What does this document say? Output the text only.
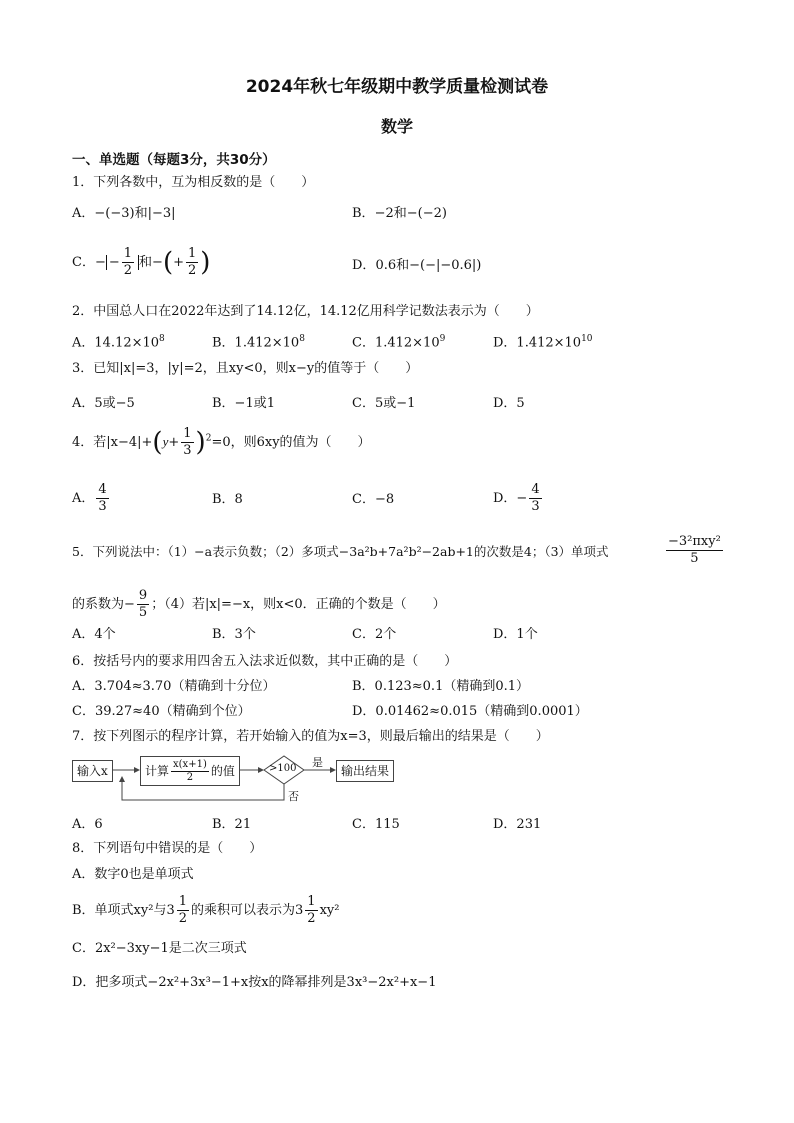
2024年秋七年级期中教学质量检测试卷
数学
一、单选题（每题3分，共30分）
1．下列各数中，互为相反数的是（　　）
A．−(−3)和|−3|	B．−2和−(−2)
C．− − $\frac{1}{2}$ 和−(+ $\frac{1}{2}$ )	D．0.6和−(−|−0.6|)
2．中国总人口在2022年达到了14.12亿，14.12亿用科学记数法表示为（　　）
A．$14.12\times 10^8$	B．$1.412\times 10^8$	C．$1.412\times 10^9$	D．$1.412\times 10^{10}$
3．已知|x|=3，|y|=2，且xy<0，则x−y的值等于（　　）
A．5或−5	B．−1或1	C．5或−1	D．5
4．若$|x-4|+(y+ \frac{1}{3} )^2=0$，则6xy的值为（　　）
A． $\frac{4}{3}$	B．8	C．−8	D．− $\frac{4}{3}$
5．下列说法中：（1）−a表示负数；（2）多项式−3a²b+7a²b²−2ab+1的次数是4；（3）单项式	$\frac{\text{−3²πxy²}}{5}$
的系数为− $\frac{9}{5}$ ；（4）若|x|=−x，则x<0．正确的个数是（　　）
A．4个	B．3个	C．2个	D．1个
6．按括号内的要求用四舍五入法求近似数，其中正确的是（　　）
A．3.704≈3.70（精确到十分位）	B．0.123≈0.1（精确到0.1）
C．39.27≈40（精确到个位）	D．0.01462≈0.015（精确到0.0001）
7．按下列图示的程序计算，若开始输入的值为x=3，则最后输出的结果是（　　）
输入x	计算 $\frac{x(x+1)}{2}$ 的值	>100 是
否
输出结果
A．6	B．21	C．115	D．231
8．下列语句中错误的是（　　）
A．数字0也是单项式
B．单项式xy²与$3 \frac{1}{2}$ 的乘积可以表示为$3 \frac{1}{2} xy^2$
C．2x²−3xy−1是二次三项式
D．把多项式−2x²+3x³−1+x按x的降幂排列是3x³−2x²+x−1
